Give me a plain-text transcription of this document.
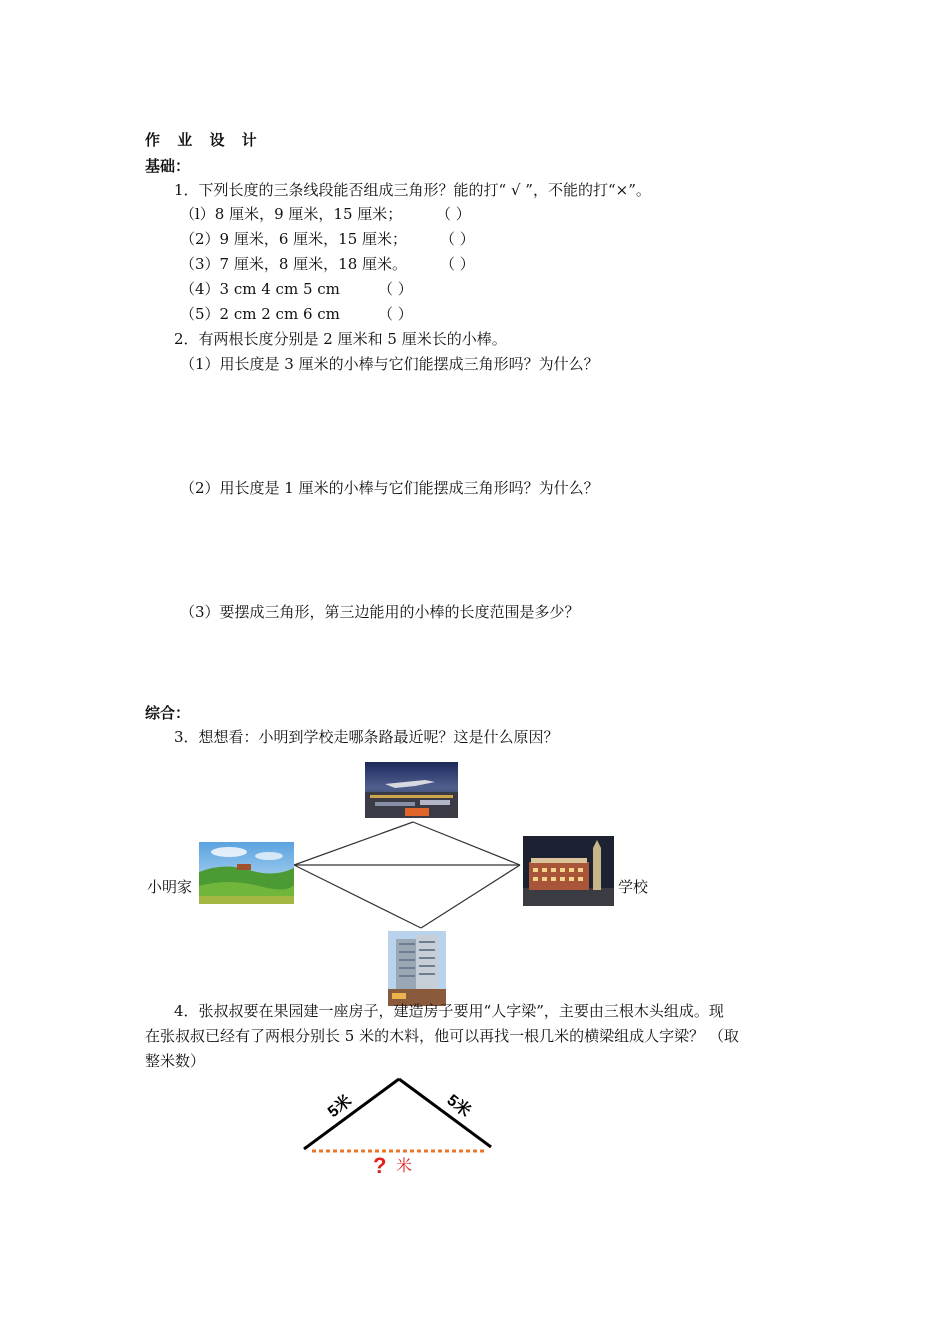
作 业 设 计
基础：
1．下列长度的三条线段能否组成三角形？能的打“ √ ”，不能的打“×”。
（l）8 厘米，9 厘米，15 厘米； （ ）
（2）9 厘米，6 厘米，15 厘米； （ ）
（3）7 厘米，8 厘米，18 厘米。 （ ）
（4）3 cm 4 cm 5 cm	（ ）
（5）2 cm 2 cm 6 cm	（ ）
2．有两根长度分别是 2 厘米和 5 厘米长的小棒。
（1）用长度是 3 厘米的小棒与它们能摆成三角形吗？为什么？
（2）用长度是 1 厘米的小棒与它们能摆成三角形吗？为什么？
（3）要摆成三角形，第三边能用的小棒的长度范围是多少？
综合：
3．想想看：小明到学校走哪条路最近呢？这是什么原因？
小明家	学校
4．张叔叔要在果园建一座房子，建造房子要用“人字梁”，主要由三根木头组成。现
在张叔叔已经有了两根分别长 5 米的木料，他可以再找一根几米的横梁组成人字梁？ （取
整米数）
5米	5米
? 米
